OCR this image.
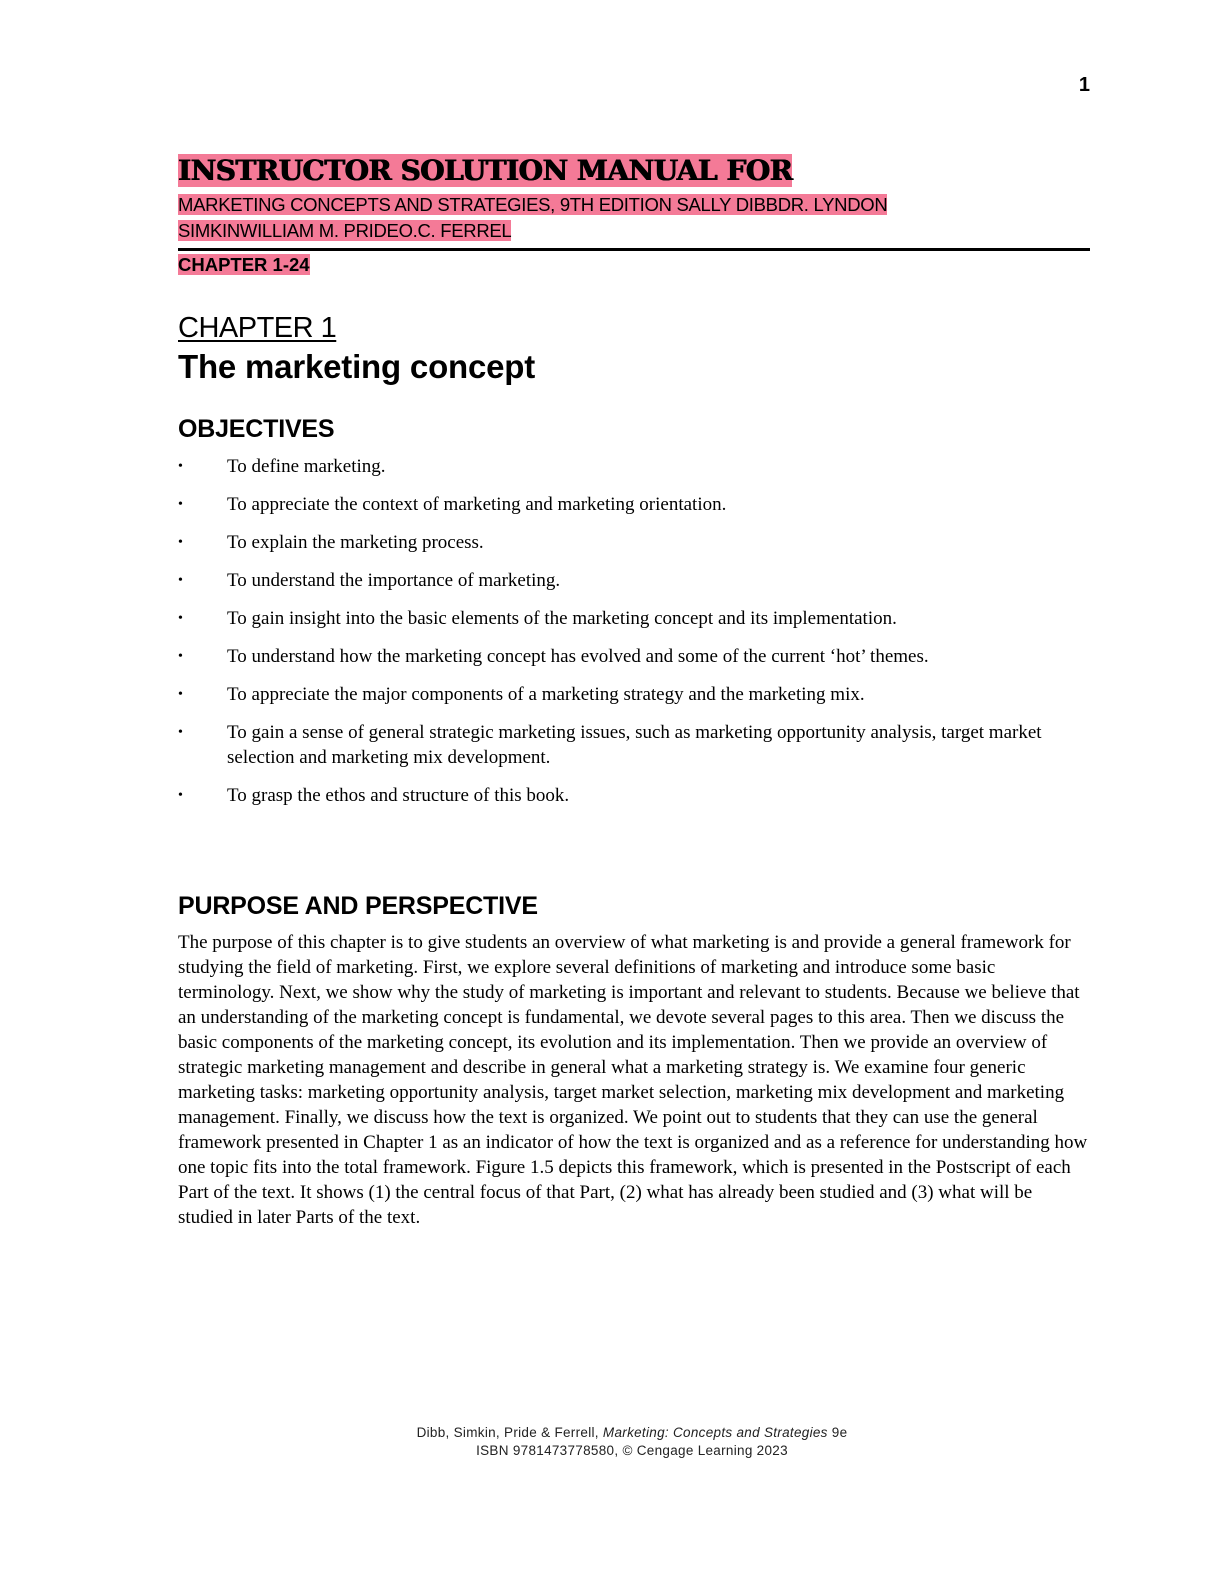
1
INSTRUCTOR SOLUTION MANUAL FOR
MARKETING CONCEPTS AND STRATEGIES, 9TH EDITION SALLY DIBBDR. LYNDON SIMKINWILLIAM M. PRIDEO.C. FERREL
CHAPTER 1-24
CHAPTER 1
The marketing concept
OBJECTIVES
• To define marketing.
• To appreciate the context of marketing and marketing orientation.
• To explain the marketing process.
• To understand the importance of marketing.
• To gain insight into the basic elements of the marketing concept and its implementation.
• To understand how the marketing concept has evolved and some of the current ‘hot’ themes.
• To appreciate the major components of a marketing strategy and the marketing mix.
• To gain a sense of general strategic marketing issues, such as marketing opportunity analysis, target market selection and marketing mix development.
• To grasp the ethos and structure of this book.
PURPOSE AND PERSPECTIVE

The purpose of this chapter is to give students an overview of what marketing is and provide a general framework for studying the field of marketing. First, we explore several definitions of marketing and introduce some basic terminology. Next, we show why the study of marketing is important and relevant to students. Because we believe that an understanding of the marketing concept is fundamental, we devote several pages to this area. Then we discuss the basic components of the marketing concept, its evolution and its implementation. Then we provide an overview of strategic marketing management and describe in general what a marketing strategy is. We examine four generic marketing tasks: marketing opportunity analysis, target market selection, marketing mix development and marketing management. Finally, we discuss how the text is organized. We point out to students that they can use the general framework presented in Chapter 1 as an indicator of how the text is organized and as a reference for understanding how one topic fits into the total framework. Figure 1.5 depicts this framework, which is presented in the Postscript of each Part of the text. It shows (1) the central focus of that Part, (2) what has already been studied and (3) what will be studied in later Parts of the text.

Dibb, Simkin, Pride & Ferrell, Marketing: Concepts and Strategies 9e
ISBN 9781473778580, © Cengage Learning 2023
